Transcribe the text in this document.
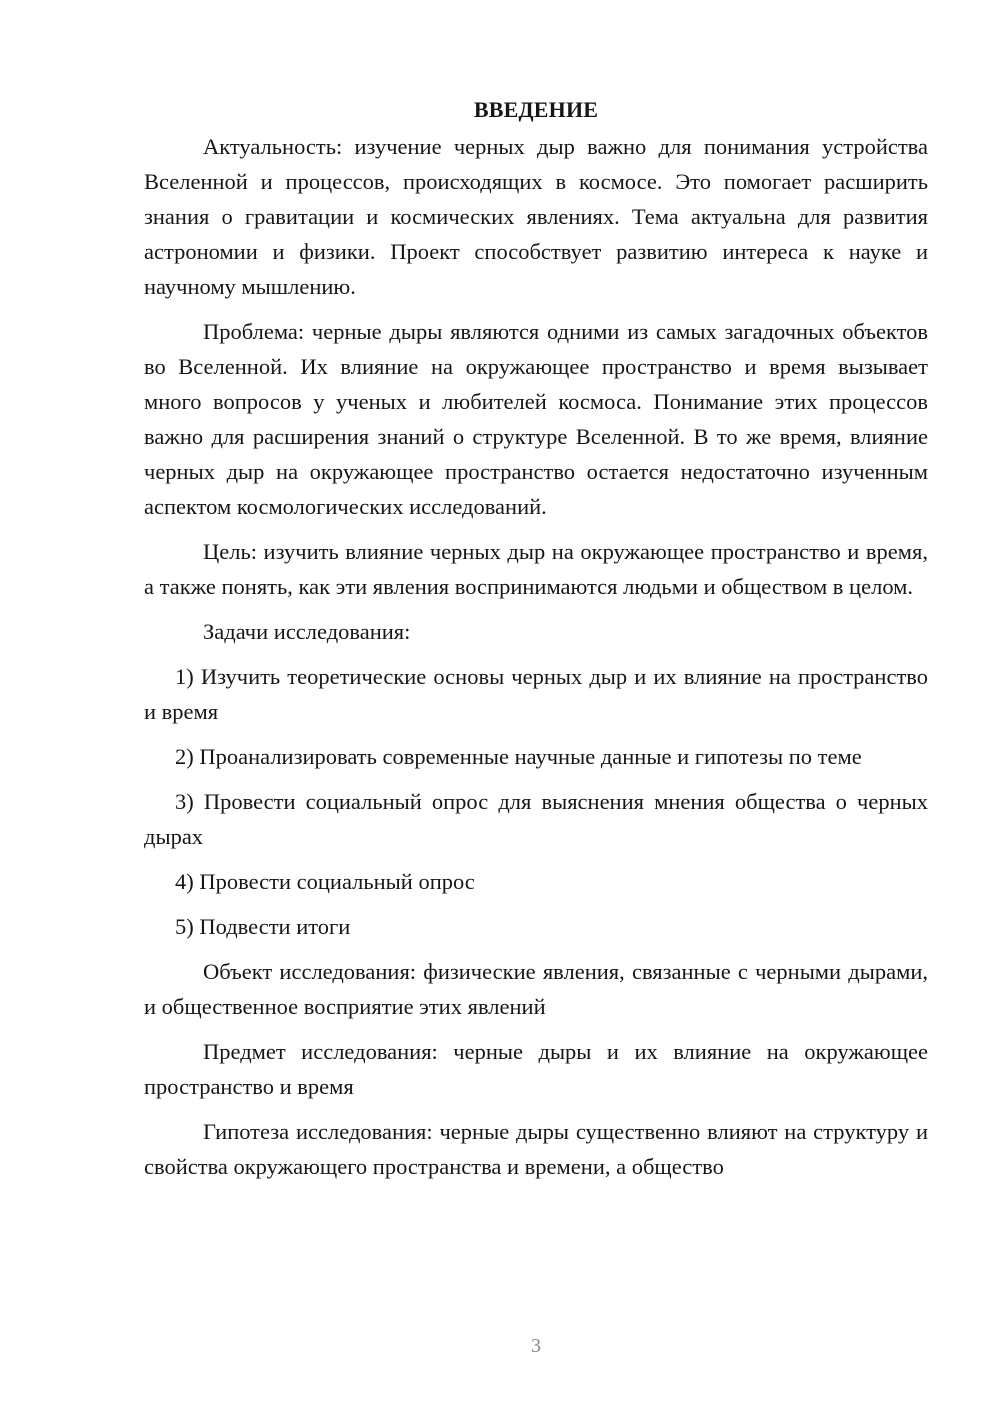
ВВЕДЕНИЕ

Актуальность: изучение черных дыр важно для понимания устройства Вселенной и процессов, происходящих в космосе. Это помогает расширить знания о гравитации и космических явлениях. Тема актуальна для развития астрономии и физики. Проект способствует развитию интереса к науке и научному мышлению.

Проблема: черные дыры являются одними из самых загадочных объектов во Вселенной. Их влияние на окружающее пространство и время вызывает много вопросов у ученых и любителей космоса. Понимание этих процессов важно для расширения знаний о структуре Вселенной. В то же время, влияние черных дыр на окружающее пространство остается недостаточно изученным аспектом космологических исследований.

Цель: изучить влияние черных дыр на окружающее пространство и время, а также понять, как эти явления воспринимаются людьми и обществом в целом.

Задачи исследования:

1) Изучить теоретические основы черных дыр и их влияние на пространство и время

2) Проанализировать современные научные данные и гипотезы по теме

3) Провести социальный опрос для выяснения мнения общества о черных дырах

4) Провести социальный опрос

5) Подвести итоги

Объект исследования: физические явления, связанные с черными дырами, и общественное восприятие этих явлений

Предмет исследования: черные дыры и их влияние на окружающее пространство и время

Гипотеза исследования: черные дыры существенно влияют на структуру и свойства окружающего пространства и времени, а общество

3
